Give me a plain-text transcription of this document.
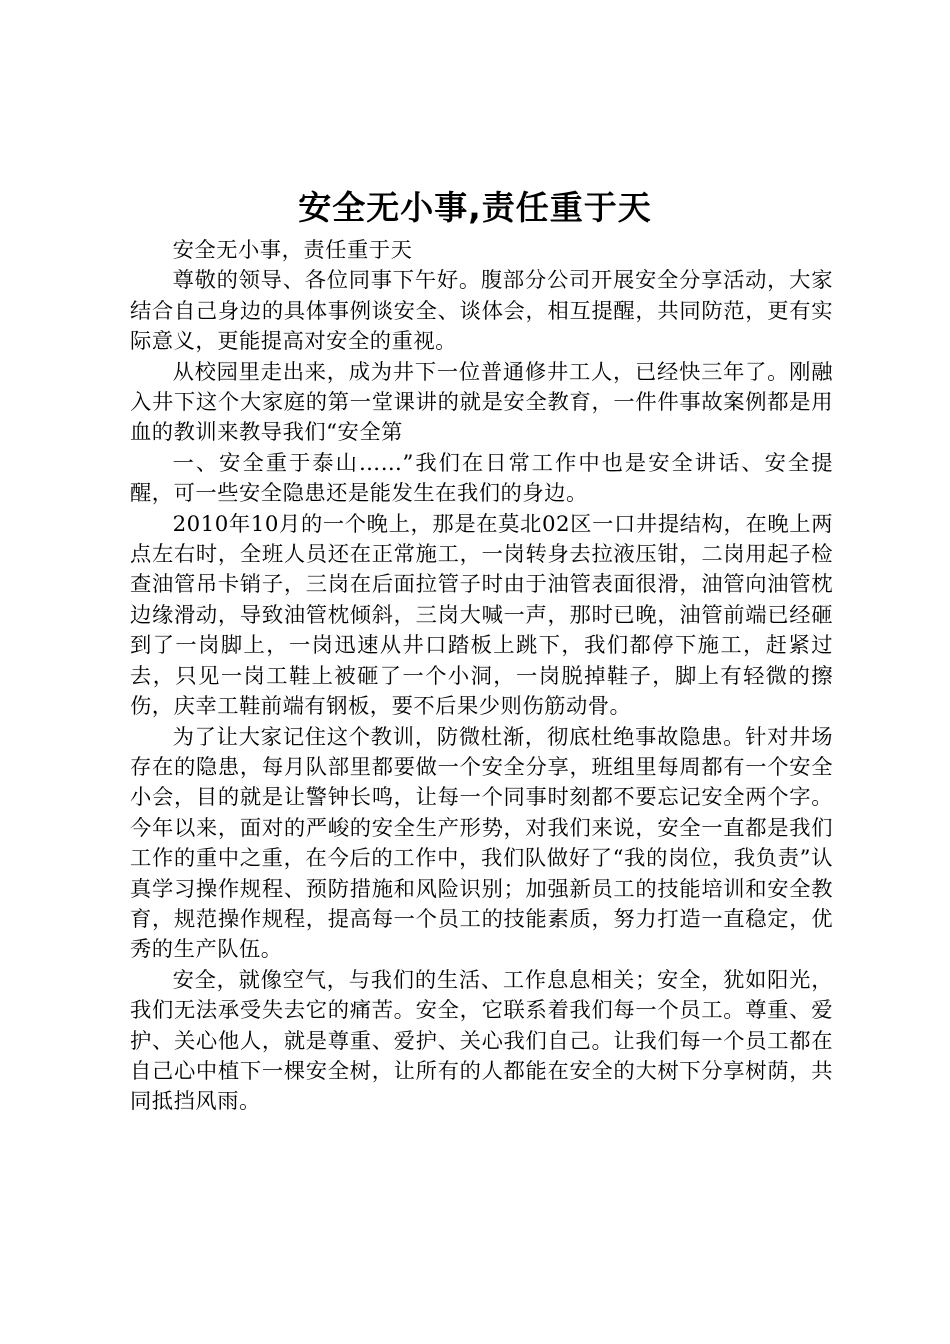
安全无小事,责任重于天

安全无小事，责任重于天

尊敬的领导、各位同事下午好。腹部分公司开展安全分享活动，大家结合自己身边的具体事例谈安全、谈体会，相互提醒，共同防范，更有实际意义，更能提高对安全的重视。

从校园里走出来，成为井下一位普通修井工人，已经快三年了。刚融入井下这个大家庭的第一堂课讲的就是安全教育，一件件事故案例都是用血的教训来教导我们“安全第

一、安全重于泰山……”我们在日常工作中也是安全讲话、安全提醒，可一些安全隐患还是能发生在我们的身边。

2010年10月的一个晚上，那是在莫北02区一口井提结构，在晚上两点左右时，全班人员还在正常施工，一岗转身去拉液压钳，二岗用起子检查油管吊卡销子，三岗在后面拉管子时由于油管表面很滑，油管向油管枕边缘滑动，导致油管枕倾斜，三岗大喊一声，那时已晚，油管前端已经砸到了一岗脚上，一岗迅速从井口踏板上跳下，我们都停下施工，赶紧过去，只见一岗工鞋上被砸了一个小洞，一岗脱掉鞋子，脚上有轻微的擦伤，庆幸工鞋前端有钢板，要不后果少则伤筋动骨。

为了让大家记住这个教训，防微杜渐，彻底杜绝事故隐患。针对井场存在的隐患，每月队部里都要做一个安全分享，班组里每周都有一个安全小会，目的就是让警钟长鸣，让每一个同事时刻都不要忘记安全两个字。今年以来，面对的严峻的安全生产形势，对我们来说，安全一直都是我们工作的重中之重，在今后的工作中，我们队做好了“我的岗位，我负责”认真学习操作规程、预防措施和风险识别；加强新员工的技能培训和安全教育，规范操作规程，提高每一个员工的技能素质，努力打造一直稳定，优秀的生产队伍。

安全，就像空气，与我们的生活、工作息息相关；安全，犹如阳光，我们无法承受失去它的痛苦。安全，它联系着我们每一个员工。尊重、爱护、关心他人，就是尊重、爱护、关心我们自己。让我们每一个员工都在自己心中植下一棵安全树，让所有的人都能在安全的大树下分享树荫，共同抵挡风雨。
